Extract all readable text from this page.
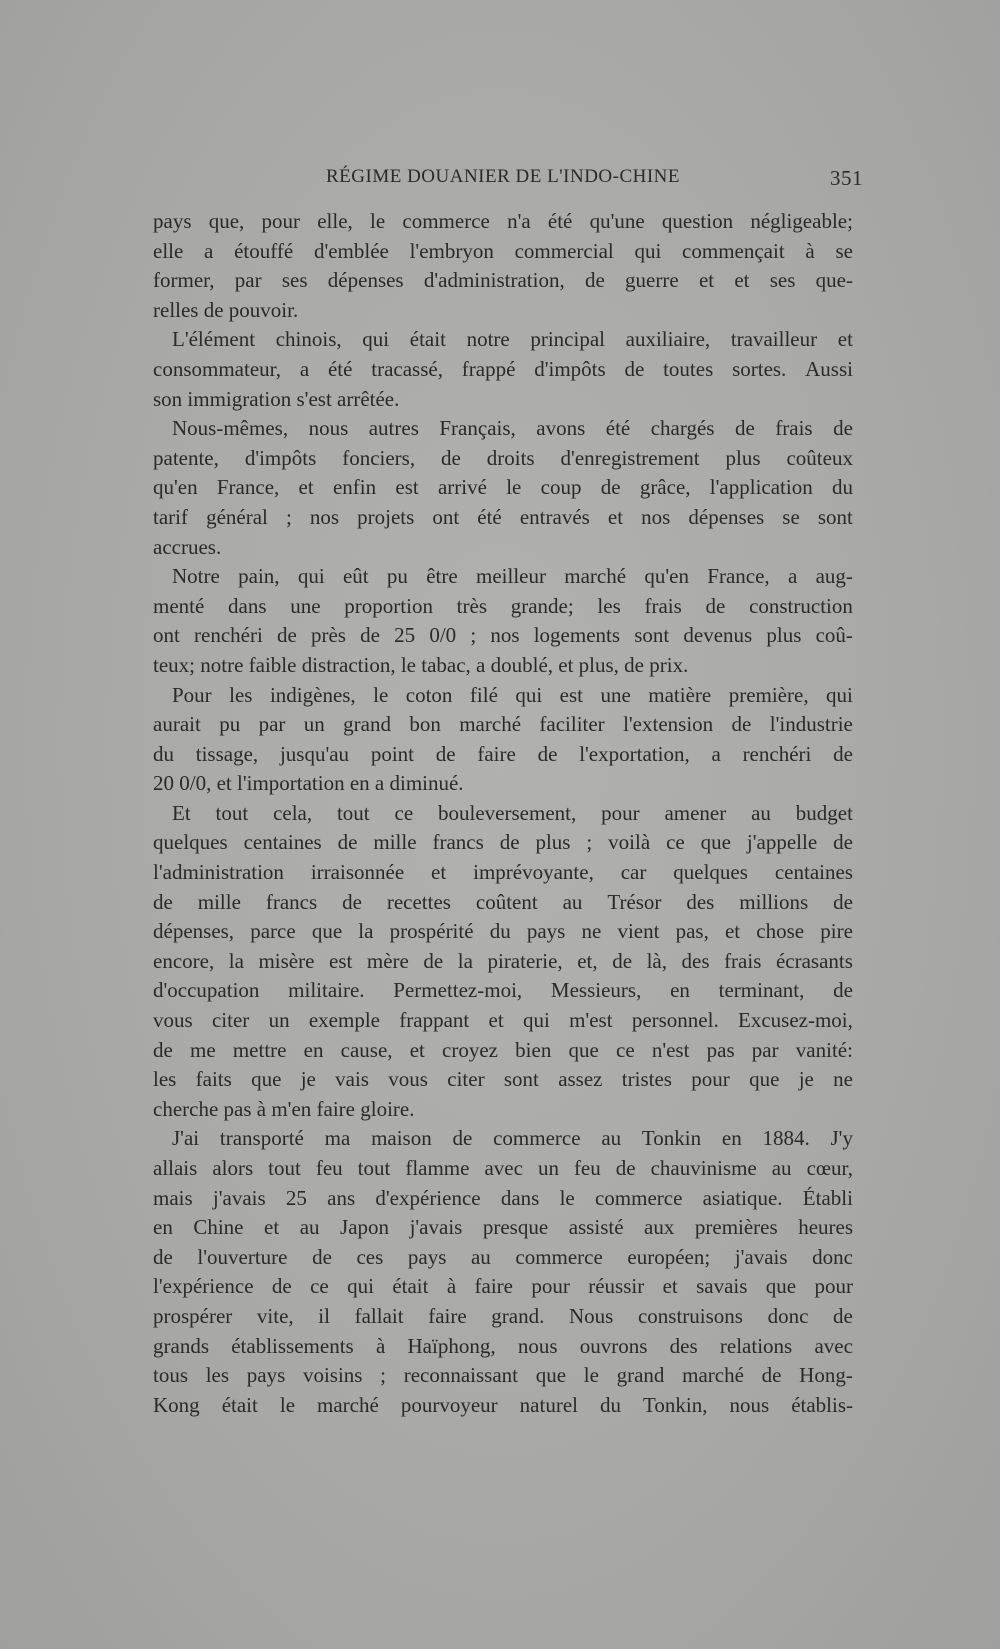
RÉGIME DOUANIER DE L'INDO-CHINE	351
pays que, pour elle, le commerce n'a été qu'une question négligeable;
elle a étouffé d'emblée l'embryon commercial qui commençait à se
former, par ses dépenses d'administration, de guerre et et ses que-
relles de pouvoir.
L'élément chinois, qui était notre principal auxiliaire, travailleur et
consommateur, a été tracassé, frappé d'impôts de toutes sortes. Aussi
son immigration s'est arrêtée.
Nous-mêmes, nous autres Français, avons été chargés de frais de
patente, d'impôts fonciers, de droits d'enregistrement plus coûteux
qu'en France, et enfin est arrivé le coup de grâce, l'application du
tarif général ; nos projets ont été entravés et nos dépenses se sont
accrues.
Notre pain, qui eût pu être meilleur marché qu'en France, a aug-
menté dans une proportion très grande; les frais de construction
ont renchéri de près de 25 0/0 ; nos logements sont devenus plus coû-
teux; notre faible distraction, le tabac, a doublé, et plus, de prix.
Pour les indigènes, le coton filé qui est une matière première, qui
aurait pu par un grand bon marché faciliter l'extension de l'industrie
du tissage, jusqu'au point de faire de l'exportation, a renchéri de
20 0/0, et l'importation en a diminué.
Et tout cela, tout ce bouleversement, pour amener au budget
quelques centaines de mille francs de plus ; voilà ce que j'appelle de
l'administration irraisonnée et imprévoyante, car quelques centaines
de mille francs de recettes coûtent au Trésor des millions de
dépenses, parce que la prospérité du pays ne vient pas, et chose pire
encore, la misère est mère de la piraterie, et, de là, des frais écrasants
d'occupation militaire. Permettez-moi, Messieurs, en terminant, de
vous citer un exemple frappant et qui m'est personnel. Excusez-moi,
de me mettre en cause, et croyez bien que ce n'est pas par vanité:
les faits que je vais vous citer sont assez tristes pour que je ne
cherche pas à m'en faire gloire.
J'ai transporté ma maison de commerce au Tonkin en 1884. J'y
allais alors tout feu tout flamme avec un feu de chauvinisme au cœur,
mais j'avais 25 ans d'expérience dans le commerce asiatique. Établi
en Chine et au Japon j'avais presque assisté aux premières heures
de l'ouverture de ces pays au commerce européen; j'avais donc
l'expérience de ce qui était à faire pour réussir et savais que pour
prospérer vite, il fallait faire grand. Nous construisons donc de
grands établissements à Haïphong, nous ouvrons des relations avec
tous les pays voisins ; reconnaissant que le grand marché de Hong-
Kong était le marché pourvoyeur naturel du Tonkin, nous établis-
